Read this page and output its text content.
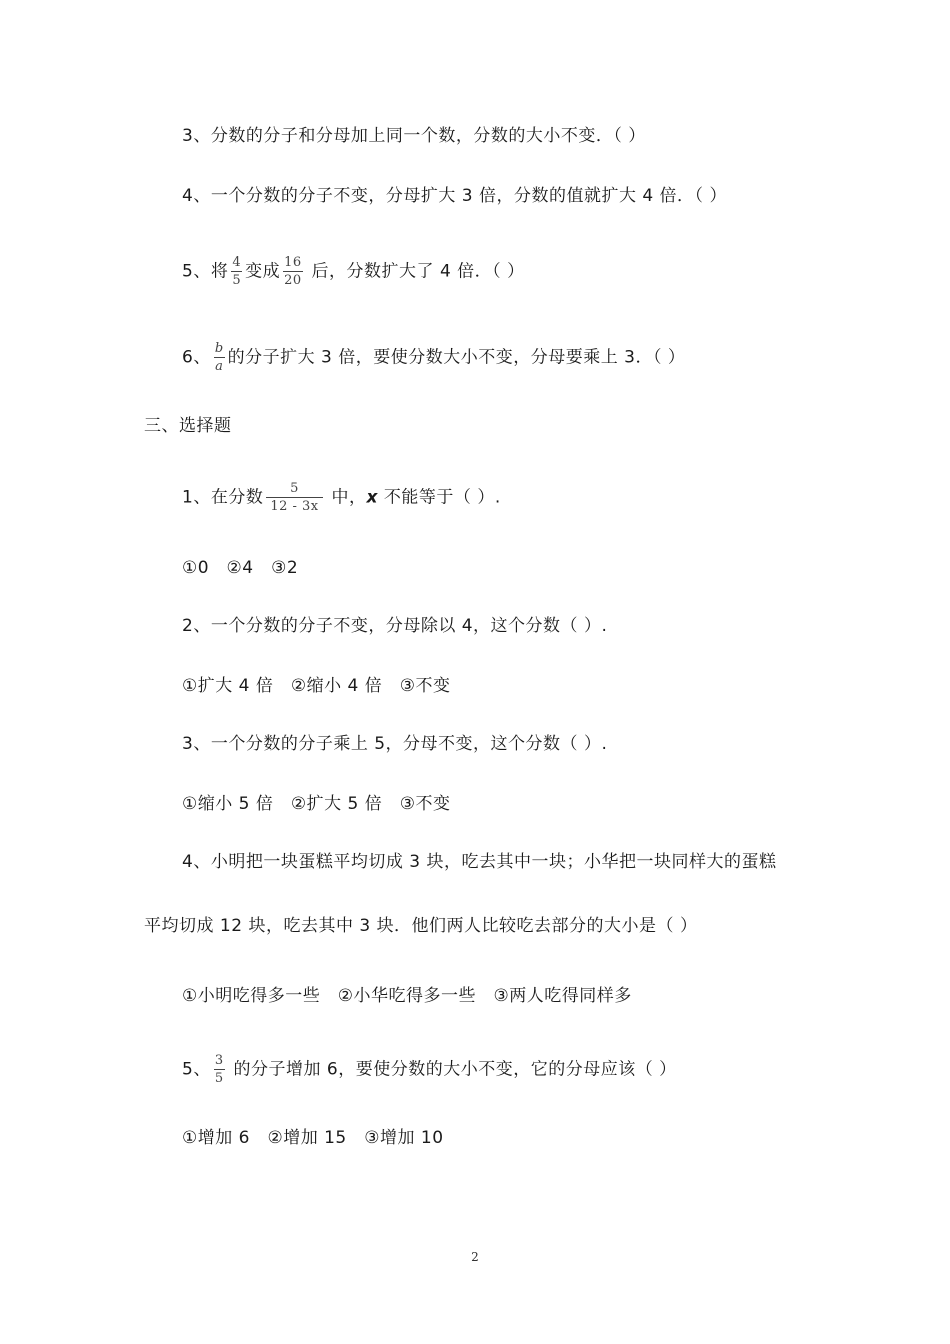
3、分数的分子和分母加上同一个数，分数的大小不变．（ ）
4、一个分数的分子不变，分母扩大 3 倍，分数的值就扩大 4 倍．（ ）
5、将 $\frac{4}{5}$ 变成 $\frac{16}{20}$ 后，分数扩大了 4 倍．（ ）
6、 $\frac{b}{a}$ 的分子扩大 3 倍，要使分数大小不变，分母要乘上 3．（ ）
三、选择题
1、在分数 $\frac{5}{12 - 3x}$ 中，x 不能等于（ ）.
①0　②4　③2
2、一个分数的分子不变，分母除以 4，这个分数（ ）.
①扩大 4 倍　②缩小 4 倍　③不变
3、一个分数的分子乘上 5，分母不变，这个分数（ ）.
①缩小 5 倍　②扩大 5 倍　③不变
4、小明把一块蛋糕平均切成 3 块，吃去其中一块；小华把一块同样大的蛋糕
平均切成 12 块，吃去其中 3 块．他们两人比较吃去部分的大小是（ ）
①小明吃得多一些　②小华吃得多一些　③两人吃得同样多
5、 $\frac{3}{5}$ 的分子增加 6，要使分数的大小不变，它的分母应该（ ）
①增加 6　②增加 15　③增加 10
2
